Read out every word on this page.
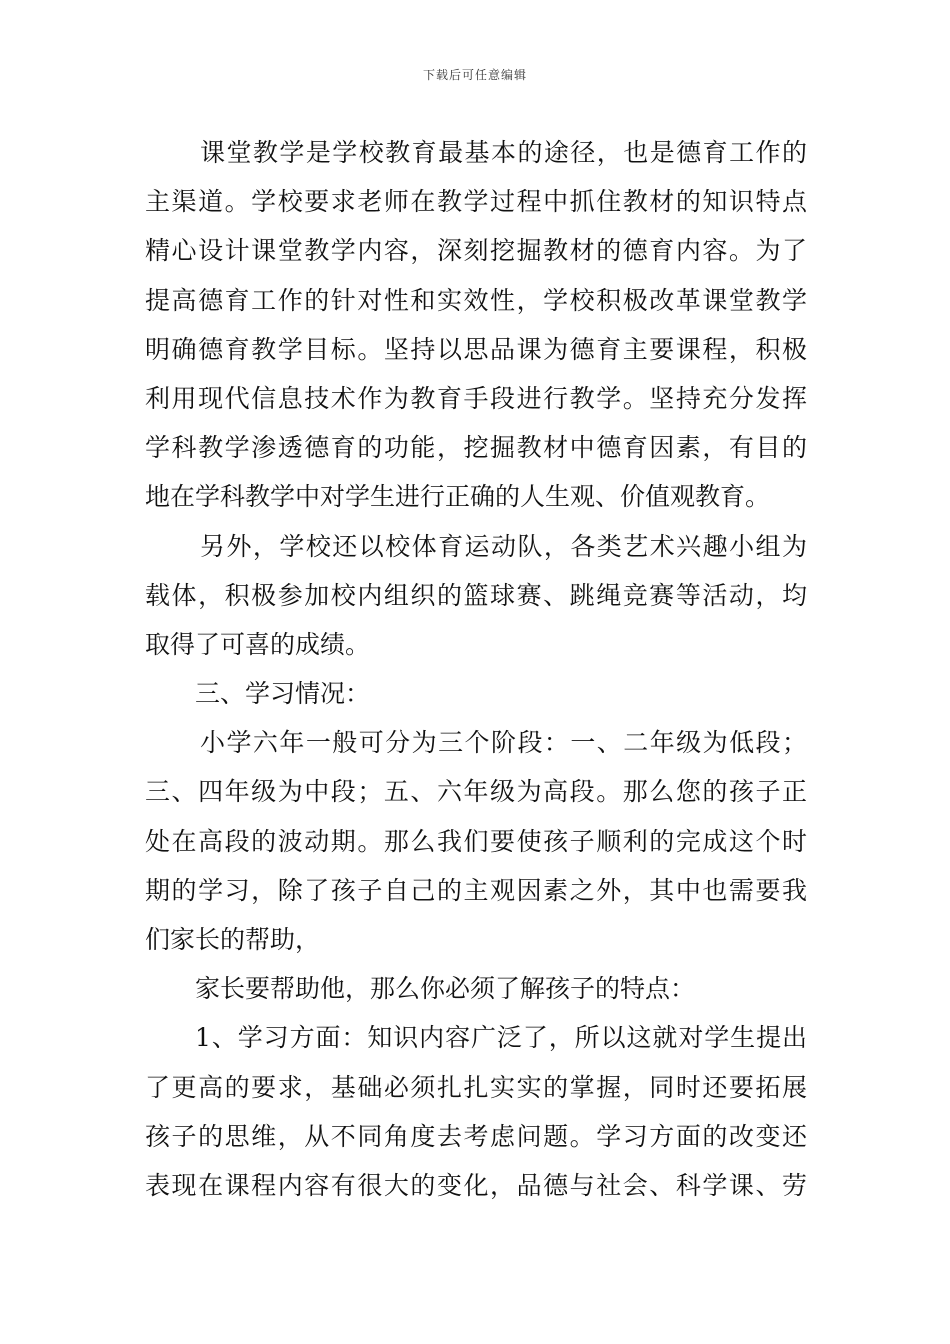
下载后可任意编辑
课堂教学是学校教育最基本的途径，也是德育工作的
主渠道。学校要求老师在教学过程中抓住教材的知识特点
精心设计课堂教学内容，深刻挖掘教材的德育内容。为了
提高德育工作的针对性和实效性，学校积极改革课堂教学
明确德育教学目标。坚持以思品课为德育主要课程，积极
利用现代信息技术作为教育手段进行教学。坚持充分发挥
学科教学渗透德育的功能，挖掘教材中德育因素，有目的
地在学科教学中对学生进行正确的人生观、价值观教育。
另外，学校还以校体育运动队，各类艺术兴趣小组为
载体，积极参加校内组织的篮球赛、跳绳竞赛等活动，均
取得了可喜的成绩。
三、学习情况：
小学六年一般可分为三个阶段：一、二年级为低段；
三、四年级为中段；五、六年级为高段。那么您的孩子正
处在高段的波动期。那么我们要使孩子顺利的完成这个时
期的学习，除了孩子自己的主观因素之外，其中也需要我
们家长的帮助，
家长要帮助他，那么你必须了解孩子的特点：
1、学习方面：知识内容广泛了，所以这就对学生提出
了更高的要求，基础必须扎扎实实的掌握，同时还要拓展
孩子的思维，从不同角度去考虑问题。学习方面的改变还
表现在课程内容有很大的变化，品德与社会、科学课、劳
